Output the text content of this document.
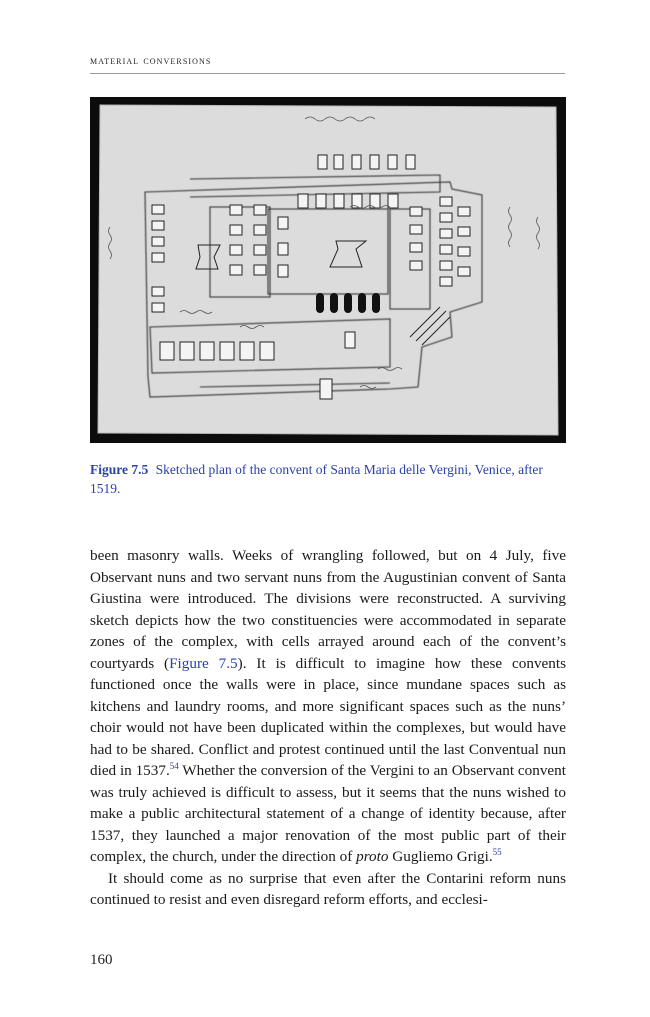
material conversions
Figure 7.5 Sketched plan of the convent of Santa Maria delle Vergini, Venice, after 1519.

been masonry walls. Weeks of wrangling followed, but on 4 July, five Observant nuns and two servant nuns from the Augustinian convent of Santa Giustina were introduced. The divisions were reconstructed. A surviving sketch depicts how the two constituencies were accommodated in separate zones of the complex, with cells arrayed around each of the convent’s courtyards (Figure 7.5). It is difficult to imagine how these convents functioned once the walls were in place, since mundane spaces such as kitchens and laundry rooms, and more significant spaces such as the nuns’ choir would not have been duplicated within the complexes, but would have had to be shared. Conflict and protest continued until the last Conventual nun died in 1537.54 Whether the conversion of the Vergini to an Observant convent was truly achieved is difficult to assess, but it seems that the nuns wished to make a public architectural statement of a change of identity because, after 1537, they launched a major renovation of the most public part of their complex, the church, under the direction of proto Gugliemo Grigi.$^{55}$

It should come as no surprise that even after the Contarini reform nuns continued to resist and even disregard reform efforts, and ecclesi-

160
